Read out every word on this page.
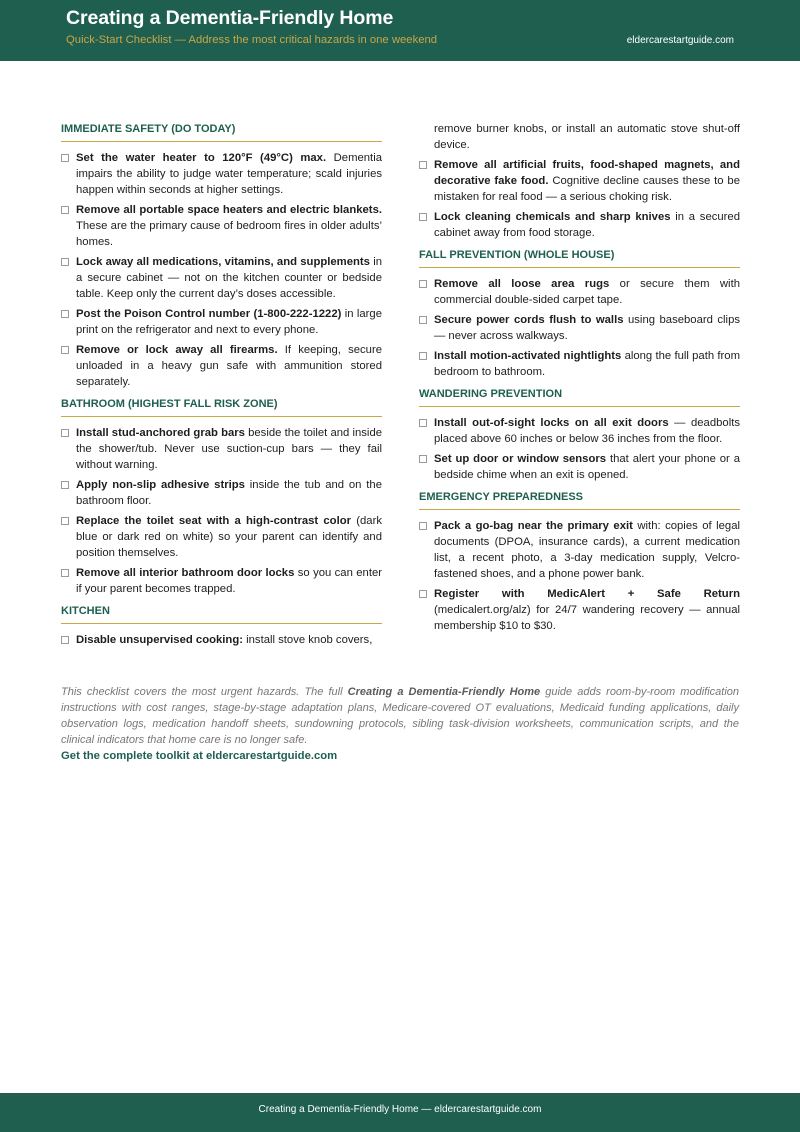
Creating a Dementia-Friendly Home
Quick-Start Checklist — Address the most critical hazards in one weekend	eldercarestartguide.com
IMMEDIATE SAFETY (DO TODAY)
Set the water heater to 120°F (49°C) max. Dementia impairs the ability to judge water temperature; scald injuries happen within seconds at higher settings.
Remove all portable space heaters and electric blankets. These are the primary cause of bedroom fires in older adults’ homes.
Lock away all medications, vitamins, and supplements in a secure cabinet — not on the kitchen counter or bedside table. Keep only the current day’s doses accessible.
Post the Poison Control number (1-800-222-1222) in large print on the refrigerator and next to every phone.
Remove or lock away all firearms. If keeping, secure unloaded in a heavy gun safe with ammunition stored separately.
BATHROOM (HIGHEST FALL RISK ZONE)
Install stud-anchored grab bars beside the toilet and inside the shower/tub. Never use suction-cup bars — they fail without warning.
Apply non-slip adhesive strips inside the tub and on the bathroom floor.
Replace the toilet seat with a high-contrast color (dark blue or dark red on white) so your parent can identify and position themselves.
Remove all interior bathroom door locks so you can enter if your parent becomes trapped.
KITCHEN
Disable unsupervised cooking: install stove knob covers,
remove burner knobs, or install an automatic stove shut-off device.
Remove all artificial fruits, food-shaped magnets, and decorative fake food. Cognitive decline causes these to be mistaken for real food — a serious choking risk.
Lock cleaning chemicals and sharp knives in a secured cabinet away from food storage.
FALL PREVENTION (WHOLE HOUSE)
Remove all loose area rugs or secure them with commercial double-sided carpet tape.
Secure power cords flush to walls using baseboard clips — never across walkways.
Install motion-activated nightlights along the full path from bedroom to bathroom.
WANDERING PREVENTION
Install out-of-sight locks on all exit doors — deadbolts placed above 60 inches or below 36 inches from the floor.
Set up door or window sensors that alert your phone or a bedside chime when an exit is opened.
EMERGENCY PREPAREDNESS
Pack a go-bag near the primary exit with: copies of legal documents (DPOA, insurance cards), a current medication list, a recent photo, a 3-day medication supply, Velcro-fastened shoes, and a phone power bank.
Register with MedicAlert + Safe Return (medicalert.org/alz) for 24/7 wandering recovery — annual membership $10 to $30.
This checklist covers the most urgent hazards. The full Creating a Dementia-Friendly Home guide adds room-by-room modification instructions with cost ranges, stage-by-stage adaptation plans, Medicare-covered OT evaluations, Medicaid funding applications, daily observation logs, medication handoff sheets, sundowning protocols, sibling task-division worksheets, communication scripts, and the clinical indicators that home care is no longer safe.
Get the complete toolkit at eldercarestartguide.com
Creating a Dementia-Friendly Home — eldercarestartguide.com
